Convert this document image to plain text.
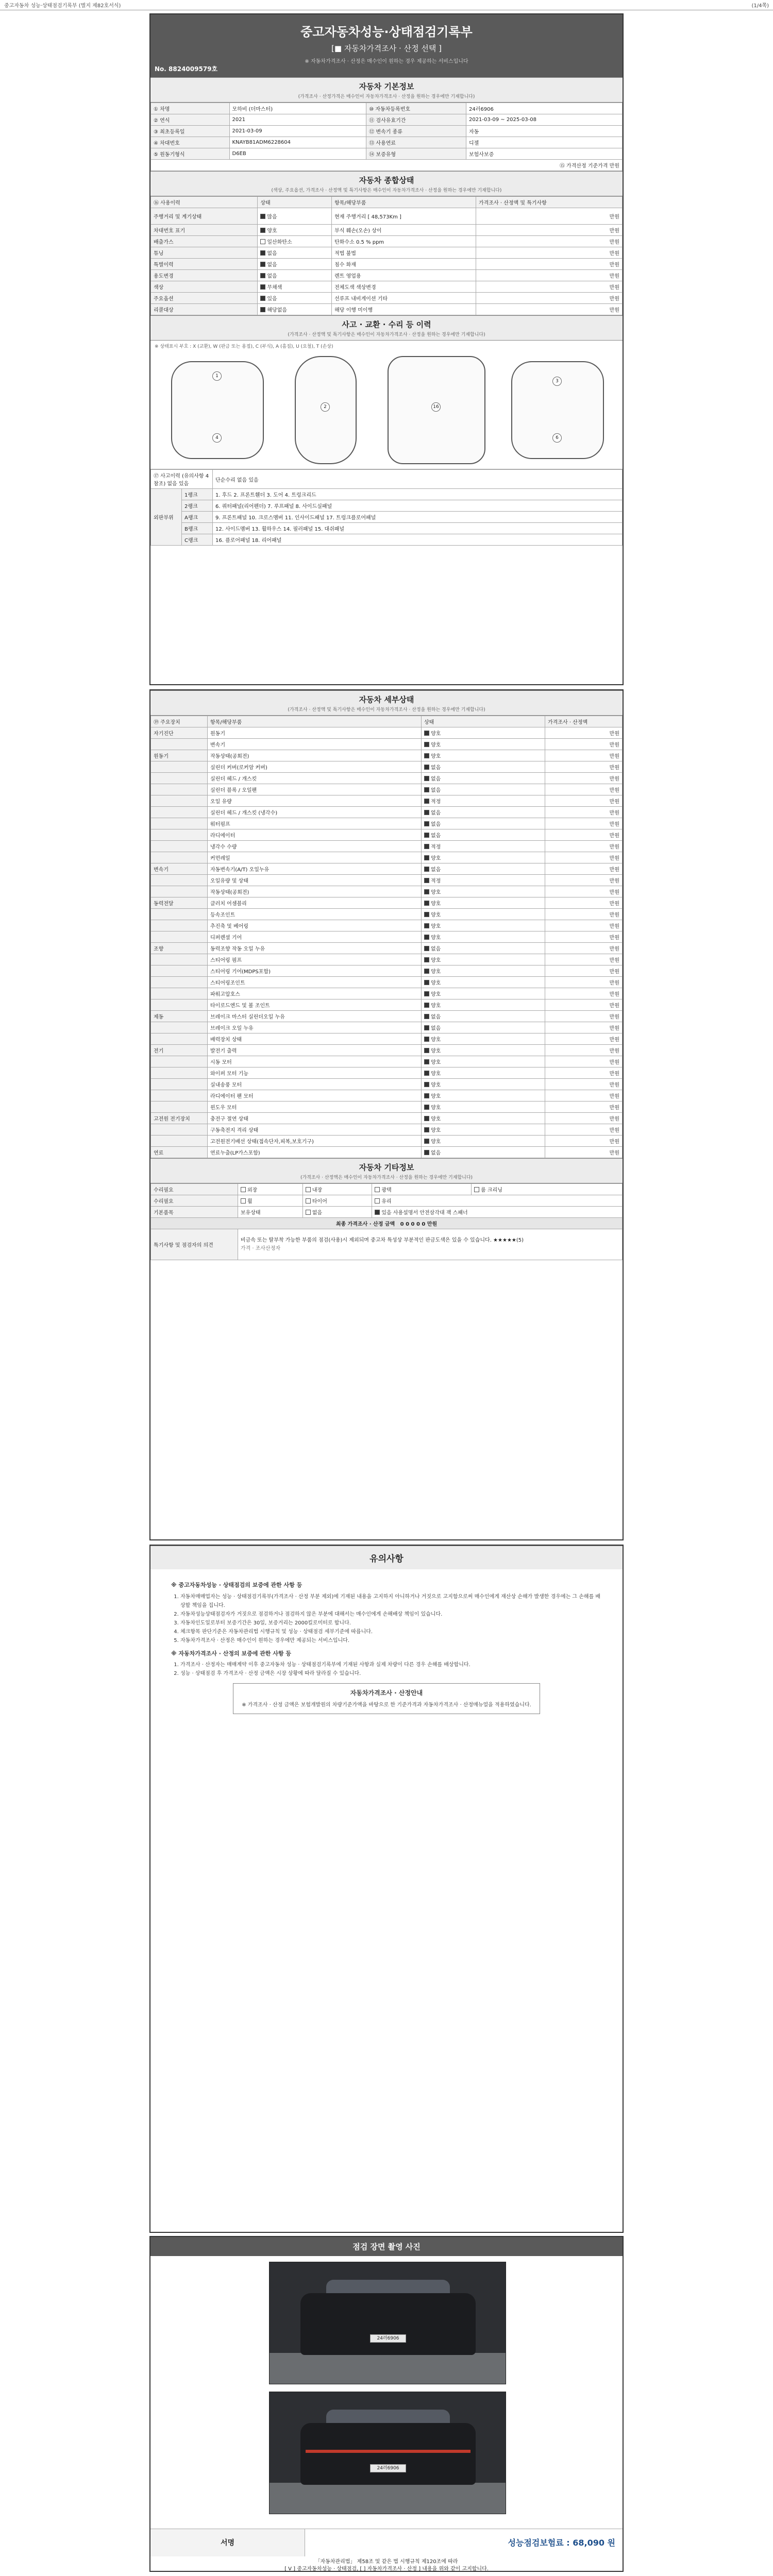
중고자동차 성능·상태점검기록부 (별지 제82호서식)	(1/4쪽)
중고자동차성능·상태점검기록부
[■ 자동차가격조사 · 산정 선택 ]
※ 자동차가격조사 · 산정은 매수인이 원하는 경우 제공하는 서비스입니다
No. 8824009579호
자동차 기본정보
(가격조사 · 산정가격은 매수인이 자동차가격조사 · 산정을 원하는 경우에만 기재합니다)
① 차명	모하비 (더마스터)	⑩ 자동차등록번호	24러6906
② 연식	2021	⑪ 검사유효기간	2021-03-09 ~ 2025-03-08
③ 최초등록일	2021-03-09	⑫ 변속기 종류	자동
④ 차대번호	KNAYB81ADM6228604	⑬ 사용연료	디젤
⑤ 원동기형식	D6EB	⑭ 보증유형	보험사보증
⑮ 가격산정 기준가격 만원			
자동차 종합상태
(색상, 주요옵션, 가격조사 · 산정액 및 특기사항은 매수인이 자동차가격조사 · 산정을 원하는 경우에만 기재합니다)
⑯ 사용이력	상태	항목/해당부품	가격조사 · 산정액 및 특기사항
주행거리 및 계기상태	많음	현재 주행거리 [ 48,573Km ]	만원
차대번호 표기	양호	부식 훼손(오손) 상이	만원
배출가스	일산화탄소	탄화수소 0.5 % ppm	만원
튜닝	없음	적법 불법	만원
특별이력	없음	침수 화재	만원
용도변경	없음	렌트 영업용	만원
색상	무채색	전체도색 색상변경	만원
주요옵션	있음	선루프 내비게이션 기타	만원
리콜대상	해당없음	해당 이행 미이행	만원
사고 · 교환 · 수리 등 이력
(가격조사 · 산정액 및 특기사항은 매수인이 자동차가격조사 · 산정을 원하는 경우에만 기재합니다)
※ 상태표시 부호 : X (교환), W (판금 또는 용접), C (부식), A (흠집), U (요철), T (손상)
1
2	16
3
4	6
⑰ 사고이력 (유의사항 4 참조) 없음 있음		단순수리 없음 있음
외판부위	1랭크	1. 후드 2. 프론트휀더 3. 도어 4. 트렁크리드
	2랭크	6. 쿼터패널(리어펜더) 7. 루프패널 8. 사이드실패널
	A랭크	9. 프론트패널 10. 크로스멤버 11. 인사이드패널 17. 트렁크플로어패널
	B랭크	12. 사이드멤버 13. 휠하우스 14. 필러패널 15. 대쉬패널
	C랭크	16. 플로어패널 18. 리어패널
자동차 세부상태
(가격조사 · 산정액 및 특기사항은 매수인이 자동차가격조사 · 산정을 원하는 경우에만 기재합니다)
⑲ 주요장치	항목/해당부품	상태	가격조사 · 산정액
자기진단	원동기	양호	만원
	변속기	양호	만원
원동기	작동상태(공회전)	양호	만원
	실린더 커버(로커암 커버)	없음	만원
	실린더 헤드 / 개스킷	없음	만원
	실린더 블록 / 오일팬	없음	만원
	오일 유량	적정	만원
	실린더 헤드 / 개스킷 (냉각수)	없음	만원
	워터펌프	없음	만원
	라디에이터	없음	만원
	냉각수 수량	적정	만원
	커먼레일	양호	만원
변속기	자동변속기(A/T) 오일누유	없음	만원
	오일유량 및 상태	적정	만원
	작동상태(공회전)	양호	만원
동력전달	클러치 어셈블리	양호	만원
	등속조인트	양호	만원
	추진축 및 베어링	양호	만원
	디퍼렌셜 기어	양호	만원
조향	동력조향 작동 오일 누유	없음	만원
	스티어링 펌프	양호	만원
	스티어링 기어(MDPS포함)	양호	만원
	스티어링조인트	양호	만원
	파워고압호스	양호	만원
	타이로드엔드 및 볼 조인트	양호	만원
제동	브레이크 마스터 실린더오일 누유	없음	만원
	브레이크 오일 누유	없음	만원
	배력장치 상태	양호	만원
전기	발전기 출력	양호	만원
	시동 모터	양호	만원
	와이퍼 모터 기능	양호	만원
	실내송풍 모터	양호	만원
	라디에이터 팬 모터	양호	만원
	윈도우 모터	양호	만원
고전원 전기장치	충전구 절연 상태	양호	만원
	구동축전지 격리 상태	양호	만원
	고전원전기배선 상태(접속단자,피복,보호기구)	양호	만원
연료	연료누출(LP가스포함)	없음	만원
자동차 기타정보
(가격조사 · 산정액은 매수인이 자동차가격조사 · 산정을 원하는 경우에만 기재합니다)
수리필요	외장	내장	광택	룸 크리닝
수리필요	휠	타이어	유리	
기본품목	보유상태	없음	있음 사용설명서 안전삼각대 잭 스패너	
최종 가격조사 · 산정 금액 0 0 0 0 0 만원				
특기사항 및 점검자의 의견	비금속 또는 탈부착 가능한 부품의 점검(사용)시 제외되며 중고차 특성상 부분적인 판금도색은 있을 수 있습니다. ★★★★★(5)
가격 · 조사산정자			
유의사항
※ 중고자동차성능 · 상태점검의 보증에 관한 사항 등
1. 자동차매매업자는 성능 · 상태점검기록부(가격조사 · 산정 부분 제외)에 기재된 내용을 고지하지 아니하거나 거짓으로 고지함으로써 매수인에게 재산상 손해가 발생한 경우에는 그 손해를 배상할 책임을 집니다.
2. 자동차성능상태점검자가 거짓으로 점검하거나 점검하지 않은 부분에 대해서는 매수인에게 손해배상 책임이 있습니다.
3. 자동차인도일로부터 보증기간은 30일, 보증거리는 2000킬로미터로 합니다.
4. 체크항목 판단기준은 자동차관리법 시행규칙 및 성능 · 상태점검 세부기준에 따릅니다.
5. 자동차가격조사 · 산정은 매수인이 원하는 경우에만 제공되는 서비스입니다.
※ 자동차가격조사 · 산정의 보증에 관한 사항 등
1. 가격조사 · 산정자는 매매계약 이후 중고자동차 성능 · 상태점검기록부에 기재된 사항과 실제 차량이 다른 경우 손해를 배상합니다.
2. 성능 · 상태점검 후 가격조사 · 산정 금액은 시장 상황에 따라 달라질 수 있습니다.
자동차가격조사 · 산정안내
※ 가격조사 · 산정 금액은 보험개발원의 차량기준가액을 바탕으로 한 기준가격과 자동차가격조사 · 산정매뉴얼을 적용하였습니다.
점검 장면 촬영 사진
24러6906
24러6906
서명	성능점검보험료 : 68,090 원
「자동차관리법」 제58조 및 같은 법 시행규칙 제120조에 따라
[ V ] 중고자동차성능 · 상태점검, [ ] 자동차가격조사 · 산정 ] 내용을 위와 같이 고지합니다.
